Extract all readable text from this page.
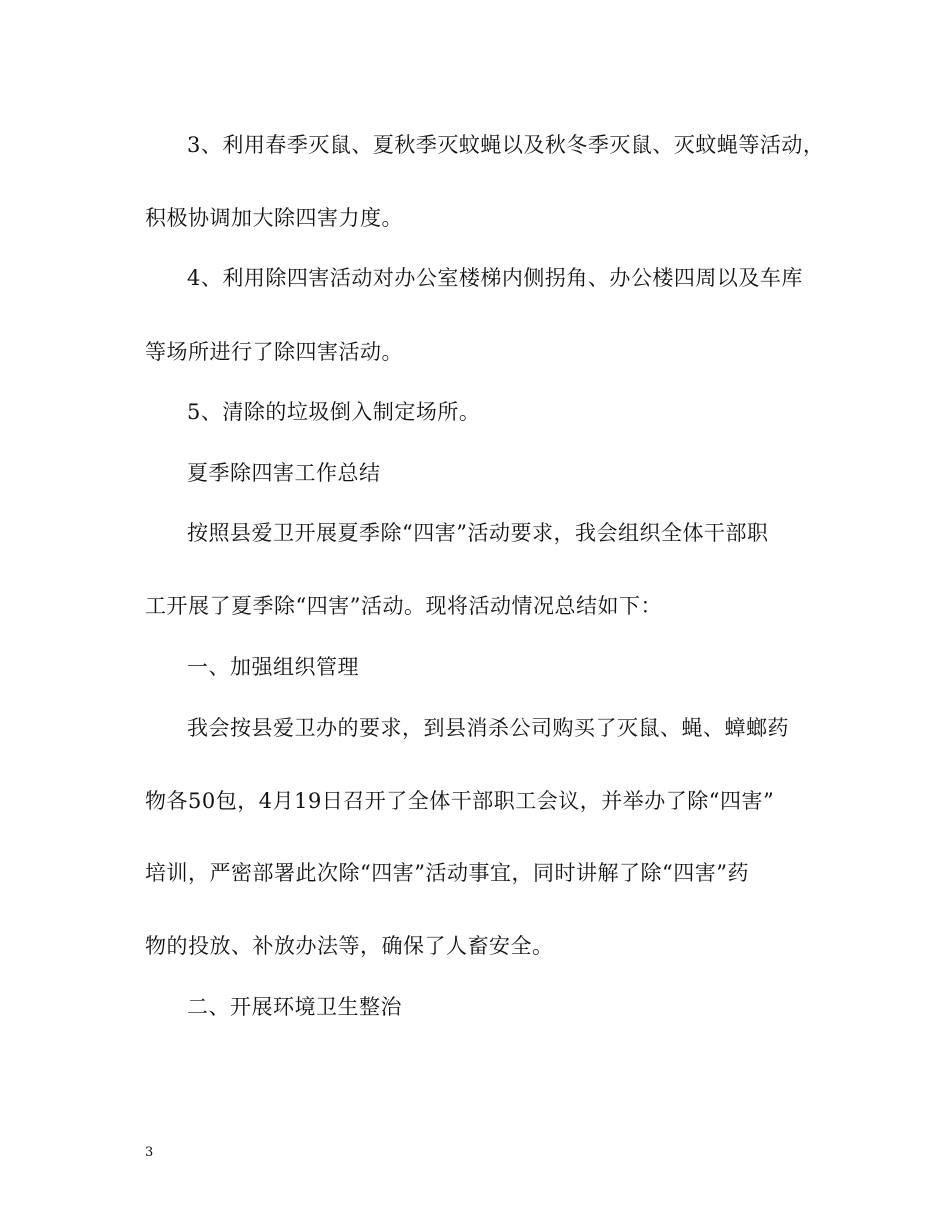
3、利用春季灭鼠、夏秋季灭蚊蝇以及秋冬季灭鼠、灭蚊蝇等活动，
积极协调加大除四害力度。
4、利用除四害活动对办公室楼梯内侧拐角、办公楼四周以及车库
等场所进行了除四害活动。
5、清除的垃圾倒入制定场所。
夏季除四害工作总结
按照县爱卫开展夏季除“四害”活动要求，我会组织全体干部职
工开展了夏季除“四害”活动。现将活动情况总结如下：
一、加强组织管理
我会按县爱卫办的要求，到县消杀公司购买了灭鼠、蝇、蟑螂药
物各50包，4月19日召开了全体干部职工会议，并举办了除“四害”
培训，严密部署此次除“四害”活动事宜，同时讲解了除“四害”药
物的投放、补放办法等，确保了人畜安全。
二、开展环境卫生整治
3
